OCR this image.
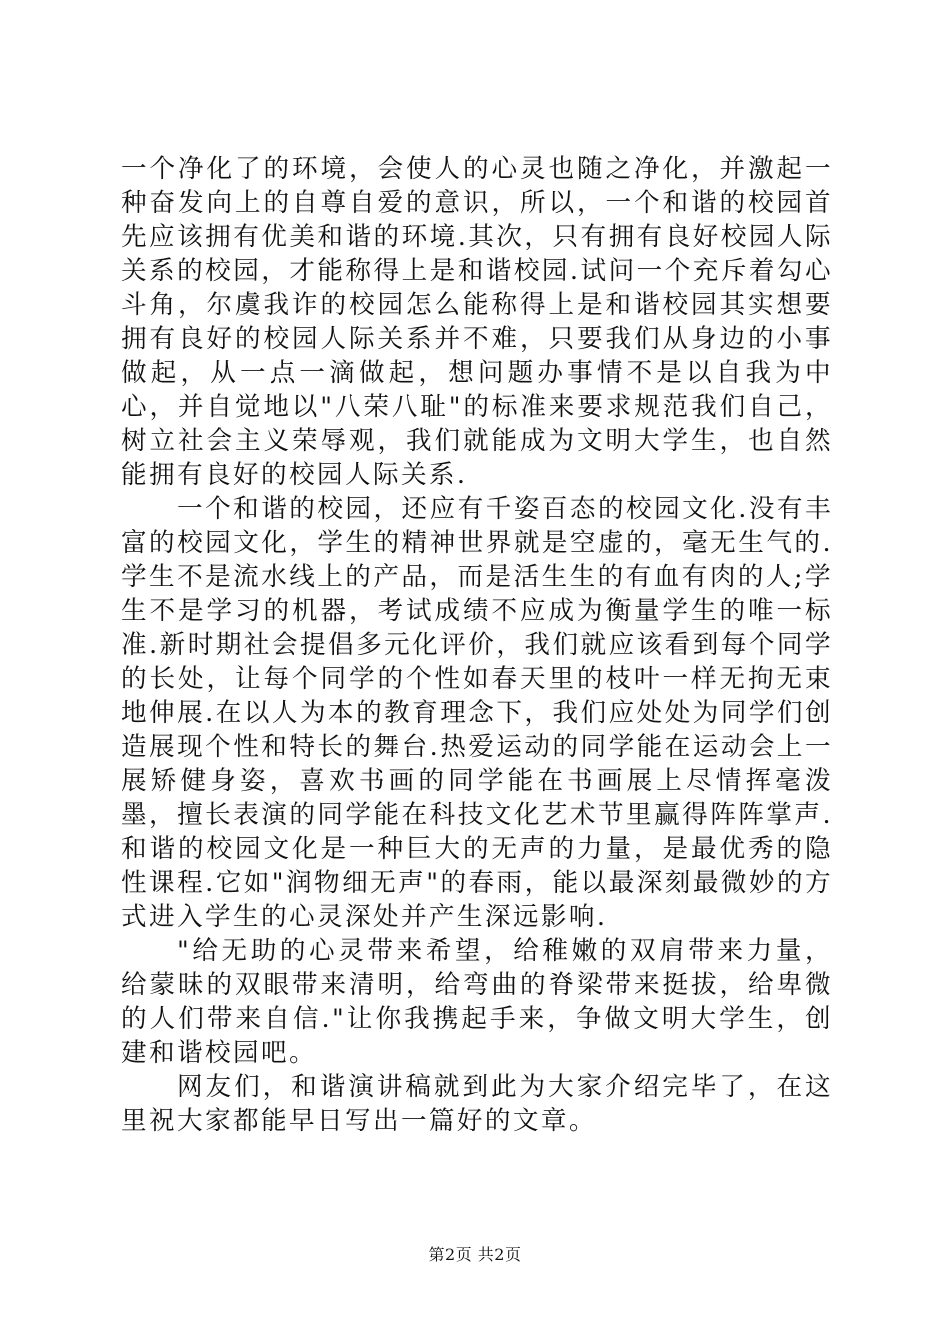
一个净化了的环境，会使人的心灵也随之净化，并激起一种奋发向上的自尊自爱的意识，所以，一个和谐的校园首先应该拥有优美和谐的环境.其次，只有拥有良好校园人际关系的校园，才能称得上是和谐校园.试问一个充斥着勾心斗角，尔虞我诈的校园怎么能称得上是和谐校园其实想要拥有良好的校园人际关系并不难，只要我们从身边的小事做起，从一点一滴做起，想问题办事情不是以自我为中心，并自觉地以"八荣八耻"的标准来要求规范我们自己，树立社会主义荣辱观，我们就能成为文明大学生，也自然能拥有良好的校园人际关系.

一个和谐的校园，还应有千姿百态的校园文化.没有丰富的校园文化，学生的精神世界就是空虚的，毫无生气的.学生不是流水线上的产品，而是活生生的有血有肉的人;学生不是学习的机器，考试成绩不应成为衡量学生的唯一标准.新时期社会提倡多元化评价，我们就应该看到每个同学的长处，让每个同学的个性如春天里的枝叶一样无拘无束地伸展.在以人为本的教育理念下，我们应处处为同学们创造展现个性和特长的舞台.热爱运动的同学能在运动会上一展矫健身姿，喜欢书画的同学能在书画展上尽情挥毫泼墨，擅长表演的同学能在科技文化艺术节里赢得阵阵掌声.和谐的校园文化是一种巨大的无声的力量，是最优秀的隐性课程.它如"润物细无声"的春雨，能以最深刻最微妙的方式进入学生的心灵深处并产生深远影响.

"给无助的心灵带来希望，给稚嫩的双肩带来力量，给蒙昧的双眼带来清明，给弯曲的脊梁带来挺拔，给卑微的人们带来自信."让你我携起手来，争做文明大学生，创建和谐校园吧。

网友们，和谐演讲稿就到此为大家介绍完毕了，在这里祝大家都能早日写出一篇好的文章。

第2页 共2页
